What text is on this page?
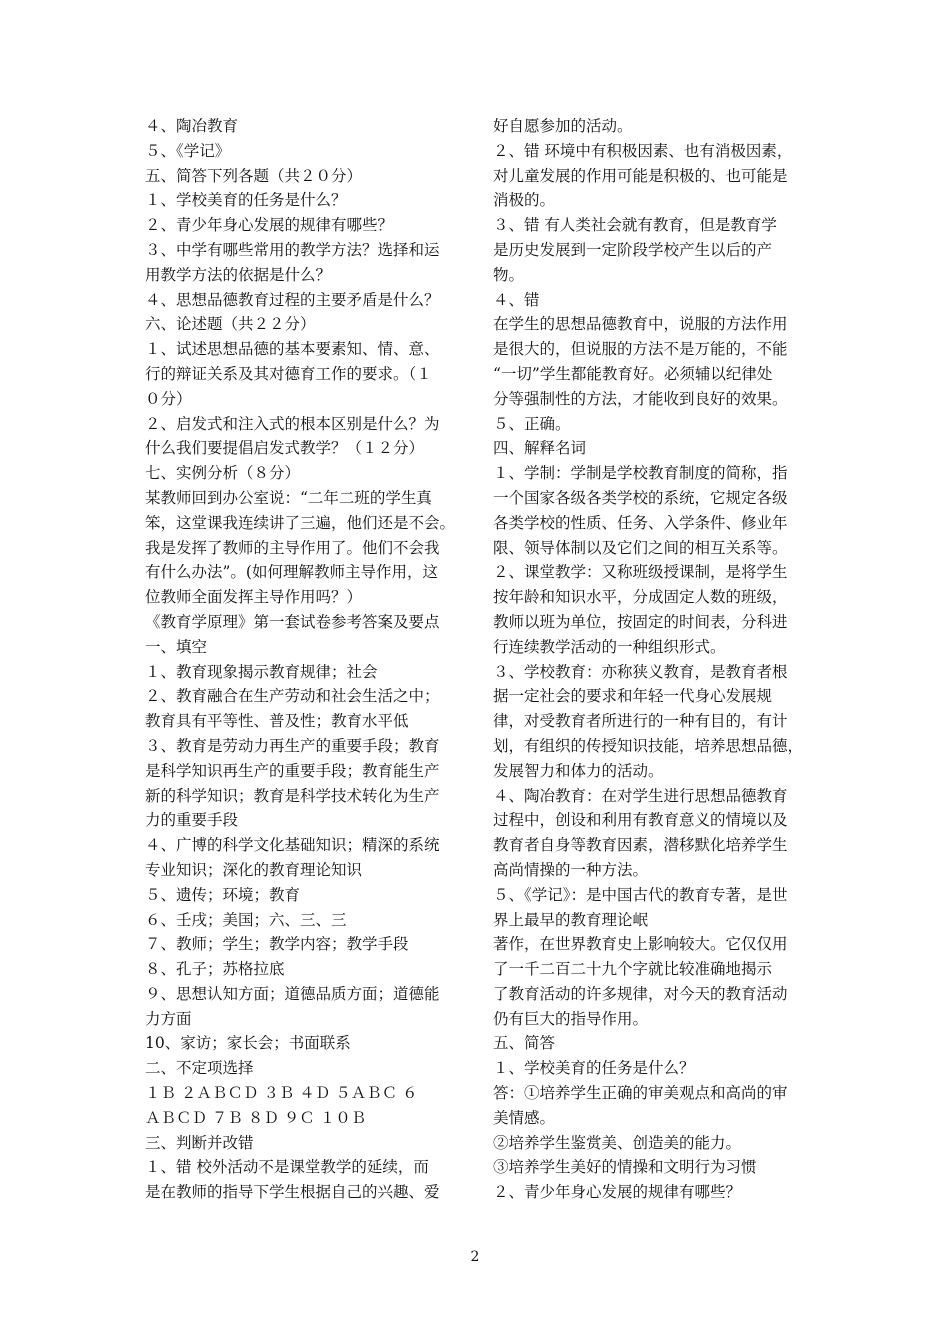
４、陶冶教育
５、《学记》
五、简答下列各题（共２０分）
１、学校美育的任务是什么？
２、青少年身心发展的规律有哪些？
３、中学有哪些常用的教学方法？选择和运
用教学方法的依据是什么？
４、思想品德教育过程的主要矛盾是什么？
六、论述题（共２２分）
１、试述思想品德的基本要素知、情、意、
行的辩证关系及其对德育工作的要求。（１
０分）
２、启发式和注入式的根本区别是什么？为
什么我们要提倡启发式教学？（１２分）
七、实例分析（８分）
某教师回到办公室说：“二年二班的学生真
笨，这堂课我连续讲了三遍，他们还是不会。
我是发挥了教师的主导作用了。他们不会我
有什么办法”。(如何理解教师主导作用，这
位教师全面发挥主导作用吗？）
《教育学原理》第一套试卷参考答案及要点
一、填空
１、教育现象揭示教育规律；社会
２、教育融合在生产劳动和社会生活之中；
教育具有平等性、普及性；教育水平低
３、教育是劳动力再生产的重要手段；教育
是科学知识再生产的重要手段；教育能生产
新的科学知识；教育是科学技术转化为生产
力的重要手段
４、广博的科学文化基础知识；精深的系统
专业知识；深化的教育理论知识
５、遗传；环境；教育
６、壬戌；美国；六、三、三
７、教师；学生；教学内容；教学手段
８、孔子；苏格拉底
９、思想认知方面；道德品质方面；道德能
力方面
10、家访；家长会；书面联系
二、不定项选择
１Ｂ ２ＡＢＣＤ ３Ｂ ４Ｄ ５ＡＢＣ ６
ＡＢＣＤ ７Ｂ ８Ｄ ９Ｃ １０Ｂ
三、判断并改错
１、错 校外活动不是课堂教学的延续，而
是在教师的指导下学生根据自己的兴趣、爱
好自愿参加的活动。
２、错 环境中有积极因素、也有消极因素，
对儿童发展的作用可能是积极的、也可能是
消极的。
３、错 有人类社会就有教育，但是教育学
是历史发展到一定阶段学校产生以后的产
物。
４、错
在学生的思想品德教育中，说服的方法作用
是很大的，但说服的方法不是万能的，不能
“一切”学生都能教育好。必须辅以纪律处
分等强制性的方法，才能收到良好的效果。
５、正确。
四、解释名词
１、学制：学制是学校教育制度的简称，指
一个国家各级各类学校的系统，它规定各级
各类学校的性质、任务、入学条件、修业年
限、领导体制以及它们之间的相互关系等。
２、课堂教学：又称班级授课制，是将学生
按年龄和知识水平，分成固定人数的班级，
教师以班为单位，按固定的时间表，分科进
行连续教学活动的一种组织形式。
３、学校教育：亦称狭义教育，是教育者根
据一定社会的要求和年轻一代身心发展规
律，对受教育者所进行的一种有目的，有计
划，有组织的传授知识技能，培养思想品德，
发展智力和体力的活动。
４、陶冶教育：在对学生进行思想品德教育
过程中，创设和利用有教育意义的情境以及
教育者自身等教育因素，潜移默化培养学生
高尚情操的一种方法。
５、《学记》：是中国古代的教育专著，是世
界上最早的教育理论岷
著作，在世界教育史上影响较大。它仅仅用
了一千二百二十九个字就比较准确地揭示
了教育活动的许多规律，对今天的教育活动
仍有巨大的指导作用。
五、简答
１、学校美育的任务是什么？
答：①培养学生正确的审美观点和高尚的审
美情感。
②培养学生鉴赏美、创造美的能力。
③培养学生美好的情操和文明行为习惯
２、青少年身心发展的规律有哪些？
2
